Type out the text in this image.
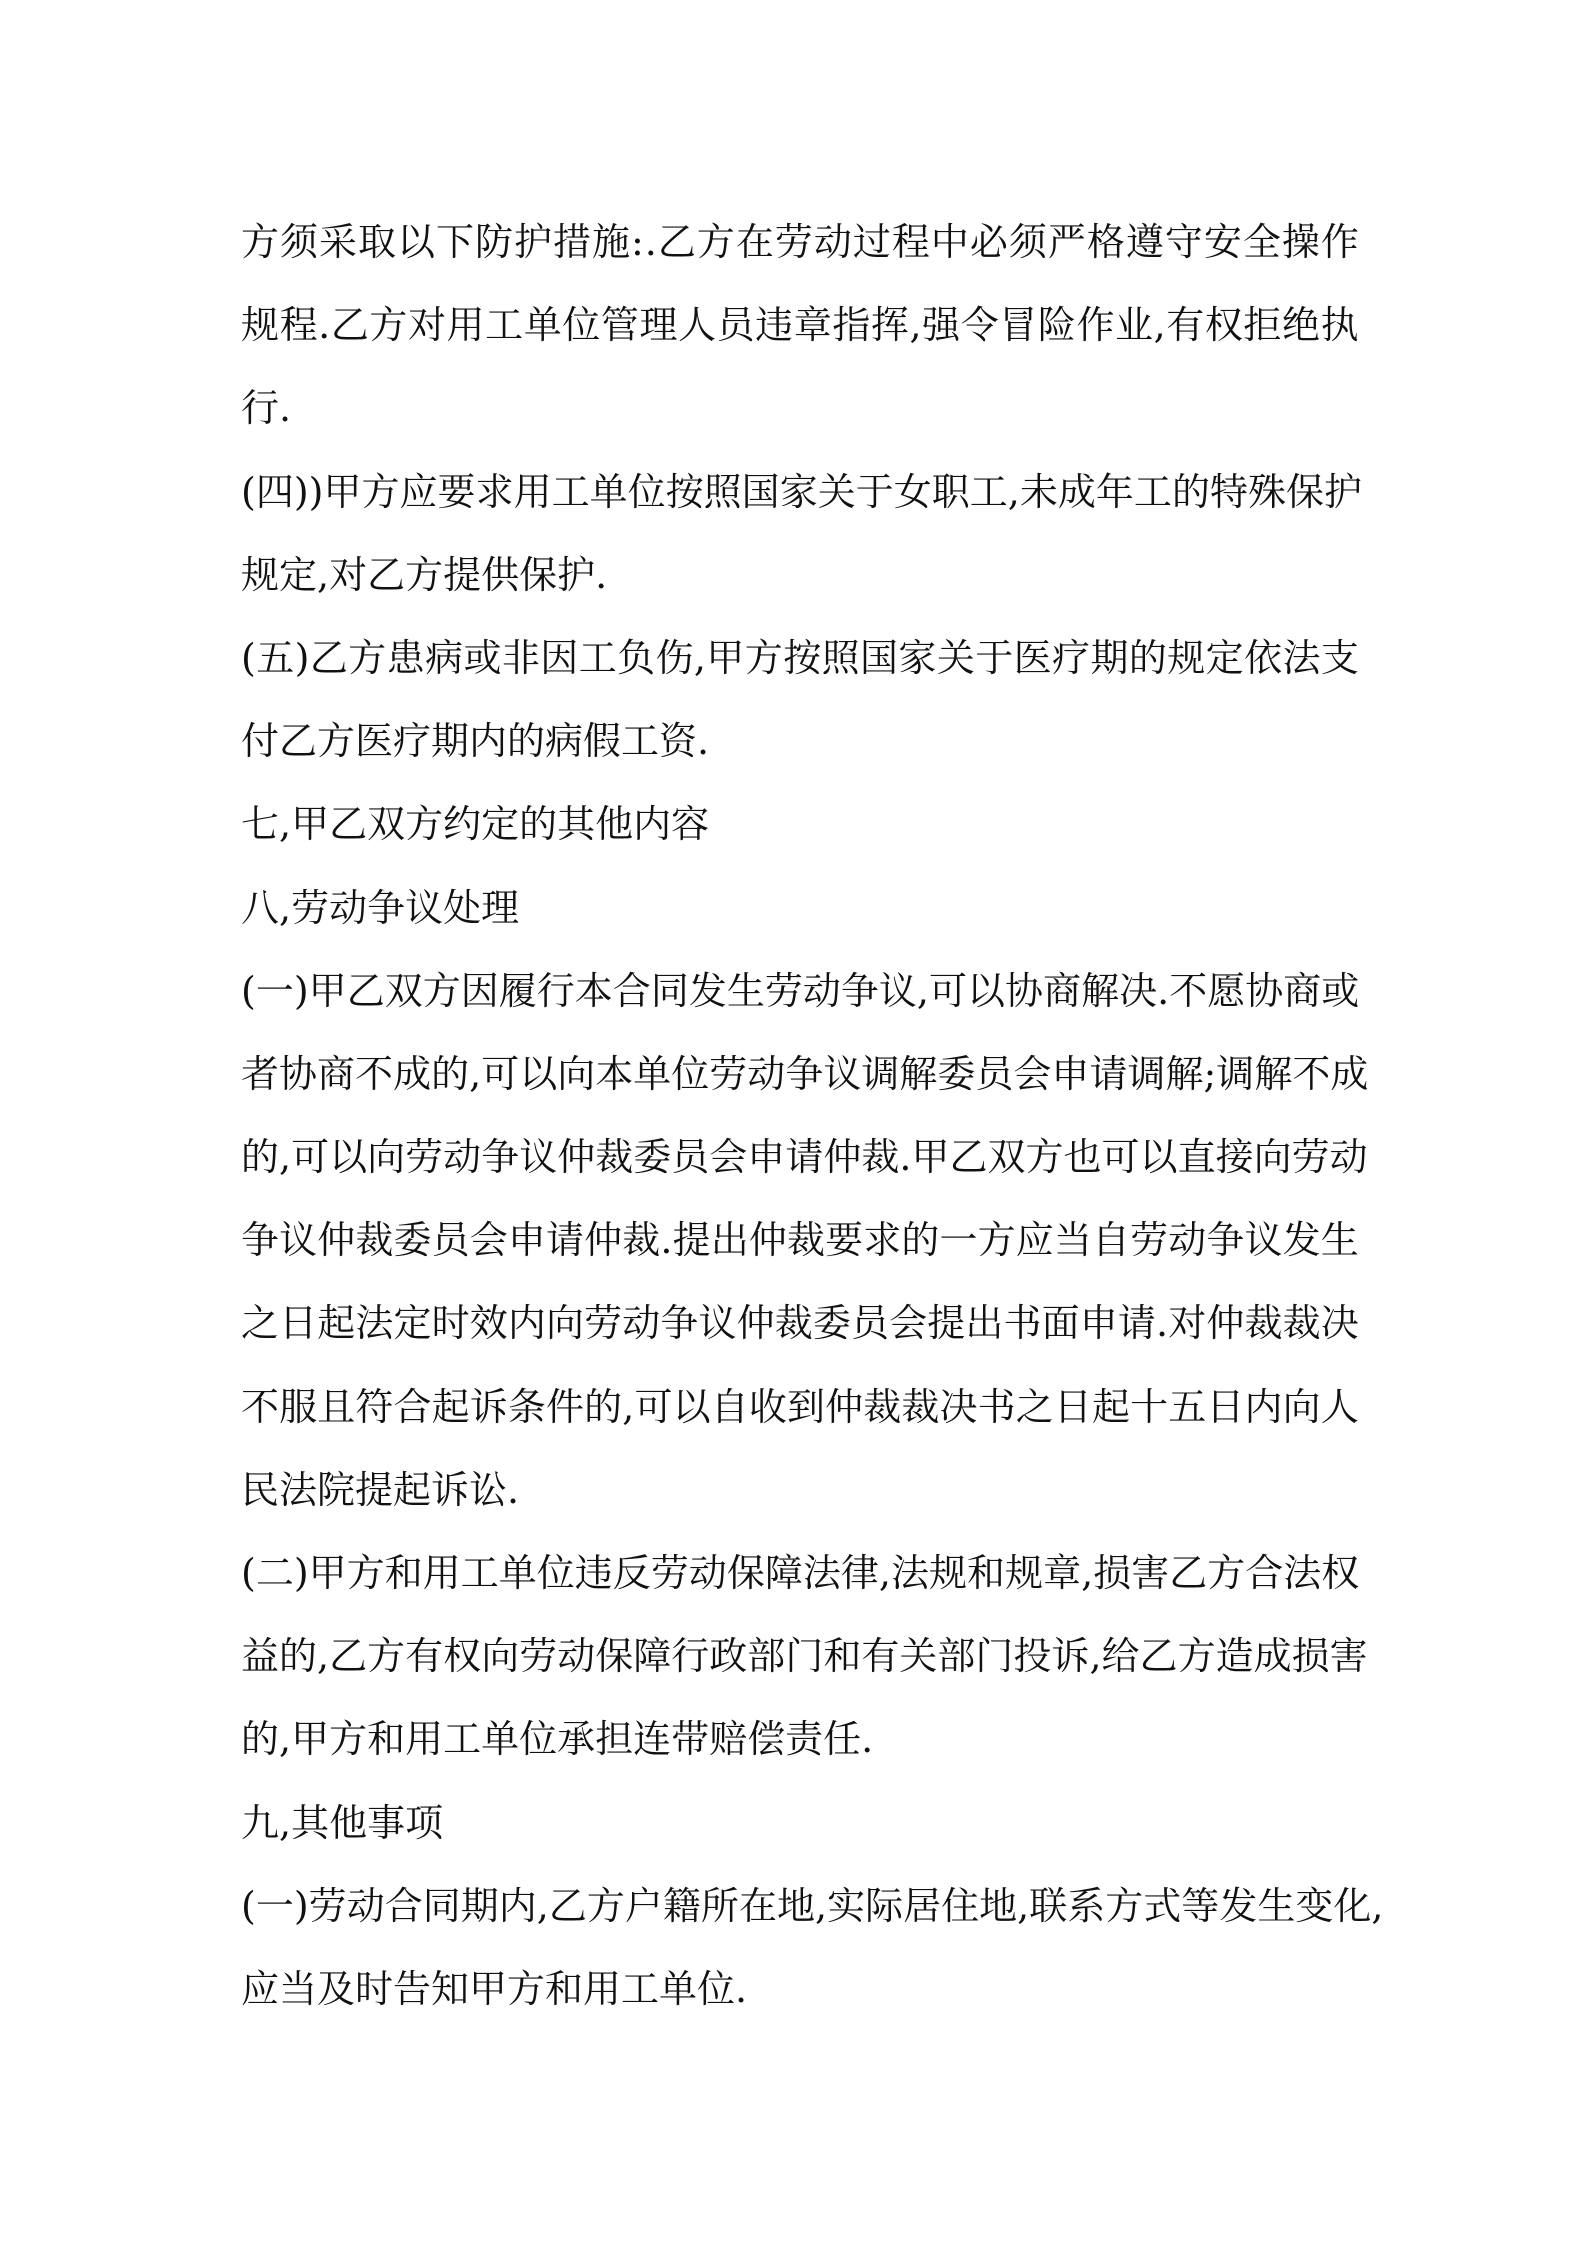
方 须 采 取 以 下 防 护 措 施 : . 乙 方 在 劳 动 过 程 中 必 须 严 格 遵 守 安 全 操 作
规 程 . 乙 方 对 用 工 单 位 管 理 人 员 违 章 指 挥 , 强 令 冒 险 作 业 , 有 权 拒 绝 执
行.
( 四 ) ) 甲 方 应 要 求 用 工 单 位 按 照 国 家 关 于 女 职 工 , 未 成 年 工 的 特 殊 保 护
规定,对乙方提供保护.
( 五 ) 乙 方 患 病 或 非 因 工 负 伤 , 甲 方 按 照 国 家 关 于 医 疗 期 的 规 定 依 法 支
付乙方医疗期内的病假工资.
七,甲乙双方约定的其他内容
八,劳动争议处理
( 一 ) 甲 乙 双 方 因 履 行 本 合 同 发 生 劳 动 争 议 , 可 以 协 商 解 决 . 不 愿 协 商 或
者 协 商 不 成 的 , 可 以 向 本 单 位 劳 动 争 议 调 解 委 员 会 申 请 调 解 ; 调 解 不 成
的 , 可 以 向 劳 动 争 议 仲 裁 委 员 会 申 请 仲 裁 . 甲 乙 双 方 也 可 以 直 接 向 劳 动
争 议 仲 裁 委 员 会 申 请 仲 裁 . 提 出 仲 裁 要 求 的 一 方 应 当 自 劳 动 争 议 发 生
之 日 起 法 定 时 效 内 向 劳 动 争 议 仲 裁 委 员 会 提 出 书 面 申 请 . 对 仲 裁 裁 决
不 服 且 符 合 起 诉 条 件 的 , 可 以 自 收 到 仲 裁 裁 决 书 之 日 起 十 五 日 内 向 人
民法院提起诉讼.
( 二 ) 甲 方 和 用 工 单 位 违 反 劳 动 保 障 法 律 , 法 规 和 规 章 , 损 害 乙 方 合 法 权
益 的 , 乙 方 有 权 向 劳 动 保 障 行 政 部 门 和 有 关 部 门 投 诉 , 给 乙 方 造 成 损 害
的,甲方和用工单位承担连带赔偿责任.
九,其他事项
( 一 ) 劳 动 合 同 期 内 , 乙 方 户 籍 所 在 地 , 实 际 居 住 地 , 联 系 方 式 等 发 生 变 化 ,
应当及时告知甲方和用工单位.
